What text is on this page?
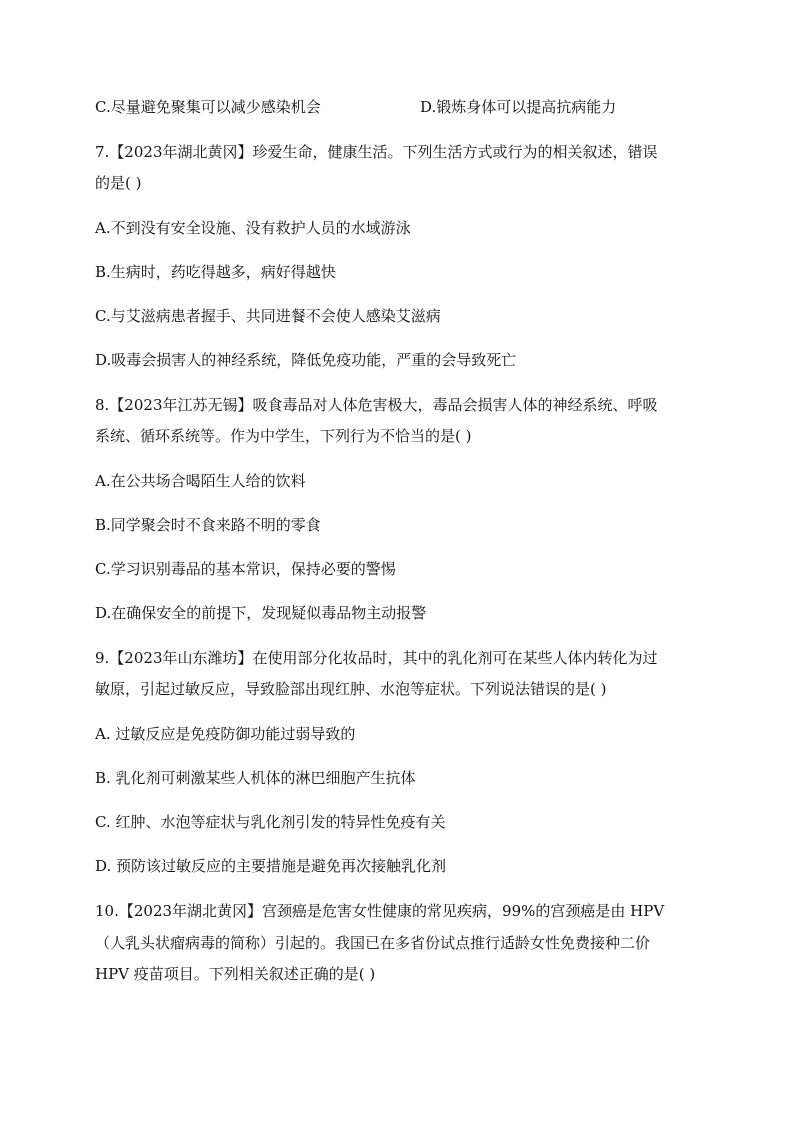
C.尽量避免聚集可以减少感染机会	D.锻炼身体可以提高抗病能力
7.【2023年湖北黄冈】珍爱生命，健康生活。下列生活方式或行为的相关叙述，错误
的是( )
A.不到没有安全设施、没有救护人员的水域游泳
B.生病时，药吃得越多，病好得越快
C.与艾滋病患者握手、共同进餐不会使人感染艾滋病
D.吸毒会损害人的神经系统，降低免疫功能，严重的会导致死亡
8.【2023年江苏无锡】吸食毒品对人体危害极大，毒品会损害人体的神经系统、呼吸
系统、循环系统等。作为中学生，下列行为不恰当的是( )
A.在公共场合喝陌生人给的饮料
B.同学聚会时不食来路不明的零食
C.学习识别毒品的基本常识，保持必要的警惕
D.在确保安全的前提下，发现疑似毒品物主动报警
9.【2023年山东潍坊】在使用部分化妆品时，其中的乳化剂可在某些人体内转化为过
敏原，引起过敏反应，导致脸部出现红肿、水泡等症状。下列说法错误的是( )
A. 过敏反应是免疫防御功能过弱导致的
B. 乳化剂可刺激某些人机体的淋巴细胞产生抗体
C. 红肿、水泡等症状与乳化剂引发的特异性免疫有关
D. 预防该过敏反应的主要措施是避免再次接触乳化剂
10.【2023年湖北黄冈】宫颈癌是危害女性健康的常见疾病，99%的宫颈癌是由 HPV
（人乳头状瘤病毒的简称）引起的。我国已在多省份试点推行适龄女性免费接种二价
HPV 疫苗项目。下列相关叙述正确的是( )
